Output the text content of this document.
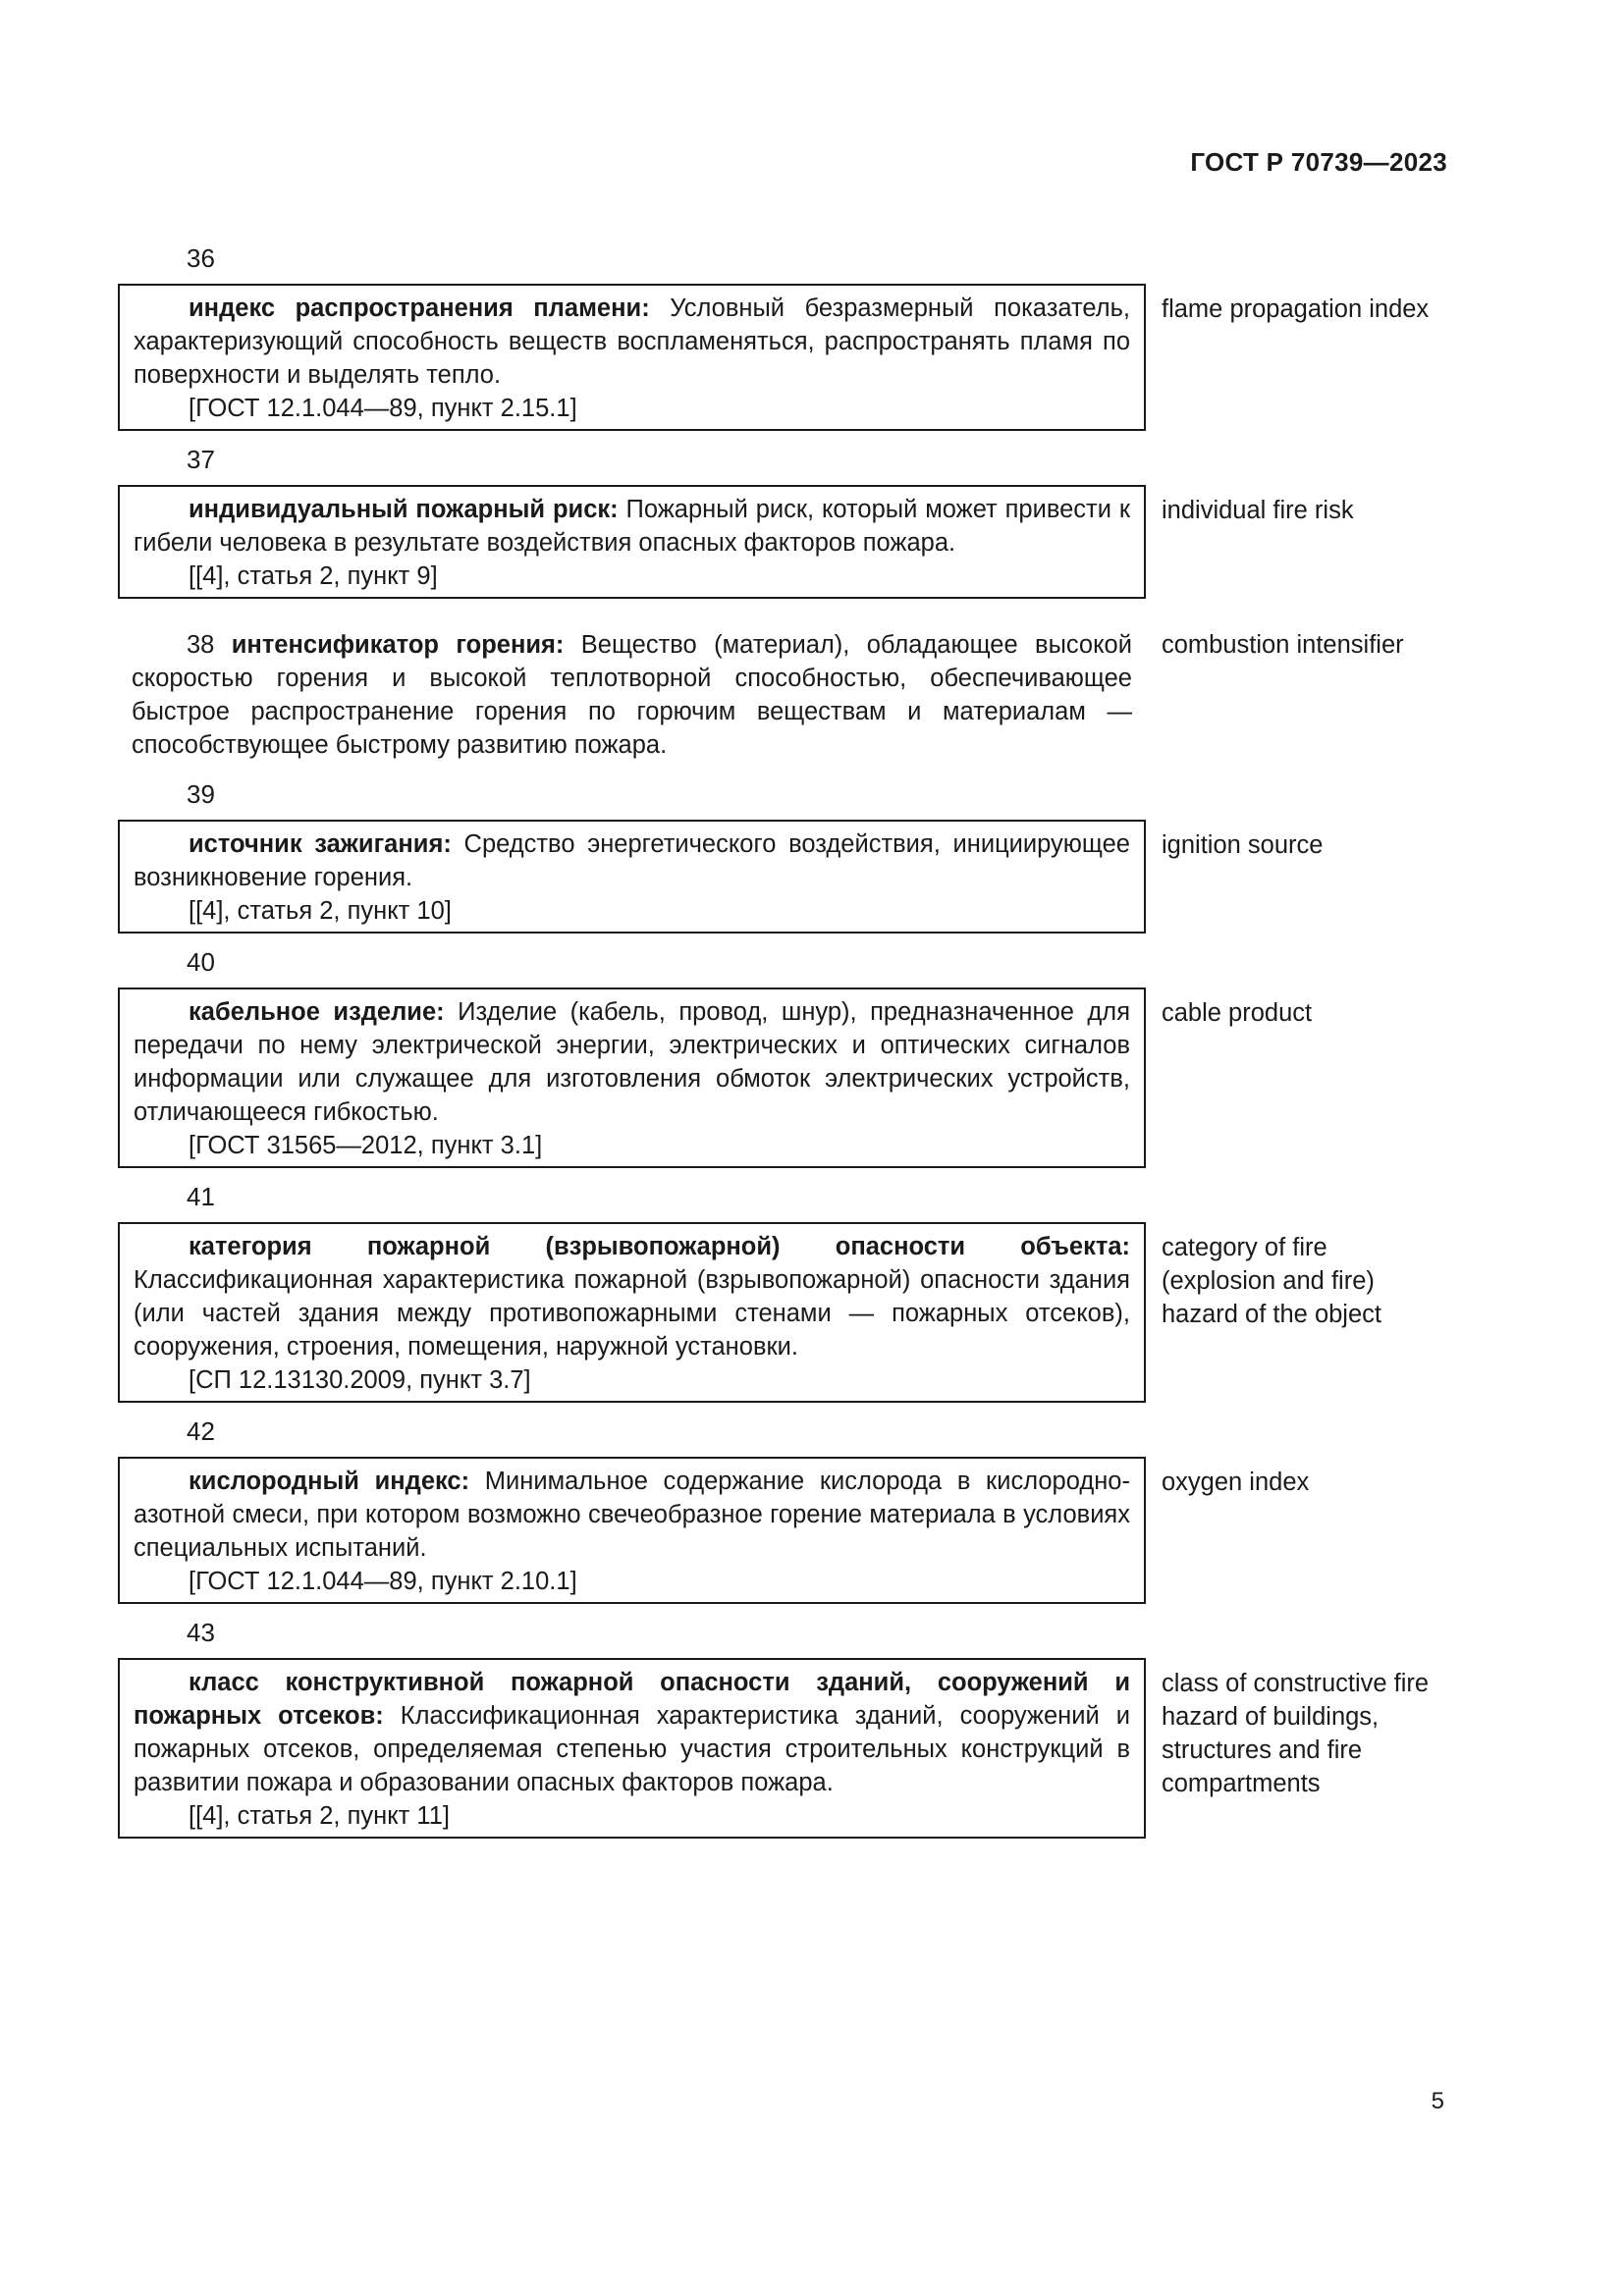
ГОСТ Р 70739—2023
36

индекс распространения пламени: Условный безразмерный показатель, характеризующий способность веществ воспламеняться, распространять пламя по поверхности и выделять тепло.

[ГОСТ 12.1.044—89, пункт 2.15.1]

flame propagation index
37

индивидуальный пожарный риск: Пожарный риск, который может привести к гибели человека в результате воздействия опасных факторов пожара.

[[4], статья 2, пункт 9]

individual fire risk

38 интенсификатор горения: Вещество (материал), обладающее высокой скоростью горения и высокой теплотворной способностью, обеспечивающее быстрое распространение горения по горючим веществам и материалам — способствующее быстрому развитию пожара.

combustion intensifier
39

источник зажигания: Средство энергетического воздействия, инициирующее возникновение горения.

[[4], статья 2, пункт 10]

ignition source
40

кабельное изделие: Изделие (кабель, провод, шнур), предназначенное для передачи по нему электрической энергии, электрических и оптических сигналов информации или служащее для изготовления обмоток электрических устройств, отличающееся гибкостью.

[ГОСТ 31565—2012, пункт 3.1]

cable product
41

категория пожарной (взрывопожарной) опасности объекта: Классификационная характеристика пожарной (взрывопожарной) опасности здания (или частей здания между противопожарными стенами — пожарных отсеков), сооружения, строения, помещения, наружной установки.

[СП 12.13130.2009, пункт 3.7]

category of fire (explosion and fire) hazard of the object
42

кислородный индекс: Минимальное содержание кислорода в кислородно-азотной смеси, при котором возможно свечеобразное горение материала в условиях специальных испытаний.

[ГОСТ 12.1.044—89, пункт 2.10.1]

oxygen index
43

класс конструктивной пожарной опасности зданий, сооружений и пожарных отсеков: Классификационная характеристика зданий, сооружений и пожарных отсеков, определяемая степенью участия строительных конструкций в развитии пожара и образовании опасных факторов пожара.

[[4], статья 2, пункт 11]

class of constructive fire hazard of buildings, structures and fire compartments
5
